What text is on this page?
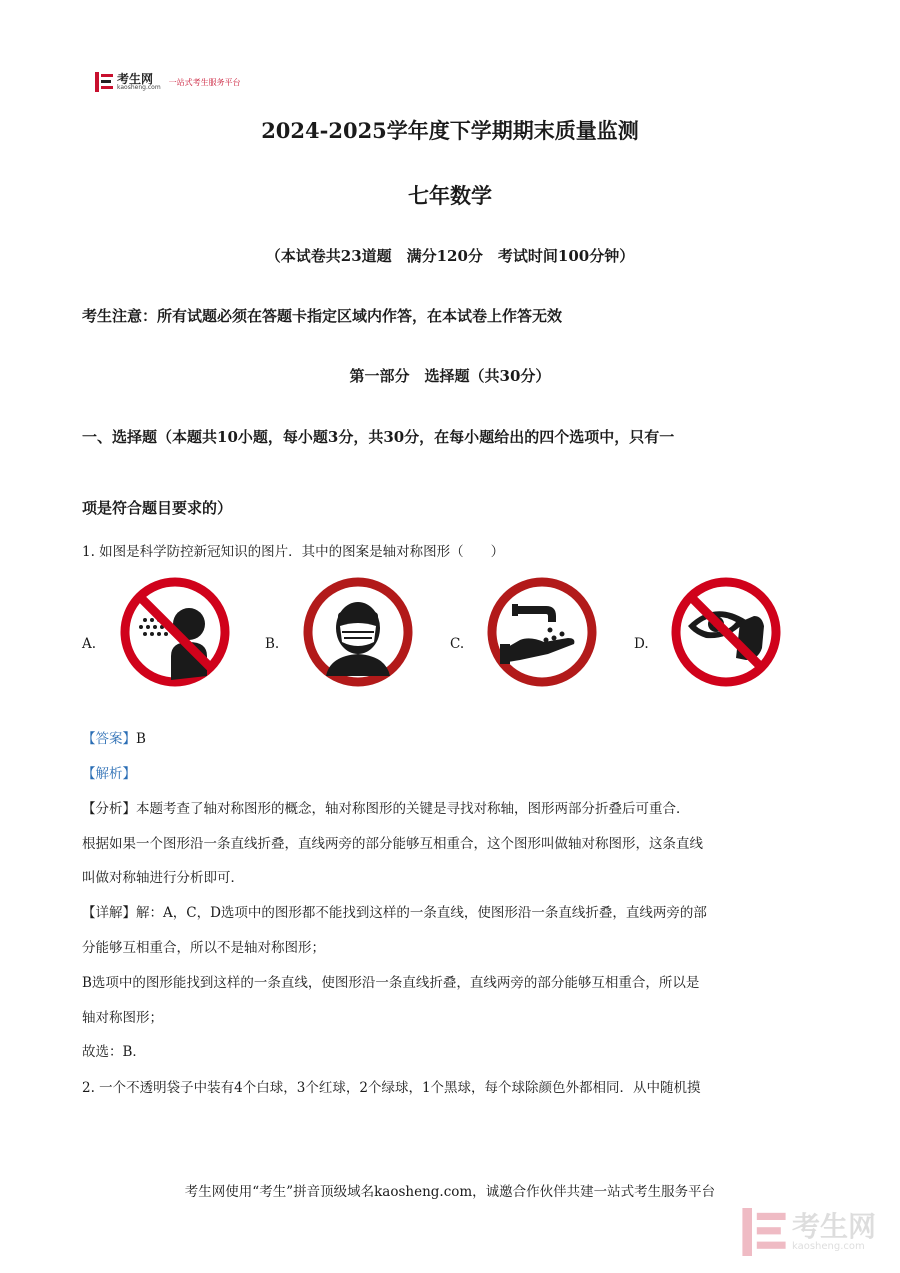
考生网
kaosheng.com
一站式考生服务平台
2024-2025学年度下学期期末质量监测
七年数学
（本试卷共23道题　满分120分　考试时间100分钟）
考生注意：所有试题必须在答题卡指定区域内作答，在本试卷上作答无效
第一部分　选择题（共30分）
一、选择题（本题共10小题，每小题3分，共30分，在每小题给出的四个选项中，只有一
项是符合题目要求的）
1. 如图是科学防控新冠知识的图片．其中的图案是轴对称图形（　　）
A.	B.	C.	D.
【答案】B
【解析】
【分析】本题考查了轴对称图形的概念，轴对称图形的关键是寻找对称轴，图形两部分折叠后可重合．
根据如果一个图形沿一条直线折叠，直线两旁的部分能够互相重合，这个图形叫做轴对称图形，这条直线
叫做对称轴进行分析即可．
【详解】解：A，C，D选项中的图形都不能找到这样的一条直线，使图形沿一条直线折叠，直线两旁的部
分能够互相重合，所以不是轴对称图形；
B选项中的图形能找到这样的一条直线，使图形沿一条直线折叠，直线两旁的部分能够互相重合，所以是
轴对称图形；
故选：B．
2. 一个不透明袋子中装有4个白球，3个红球，2个绿球，1个黑球，每个球除颜色外都相同．从中随机摸
考生网使用“考生”拼音顶级域名kaosheng.com，诚邀合作伙伴共建一站式考生服务平台
考生网
kaosheng.com
